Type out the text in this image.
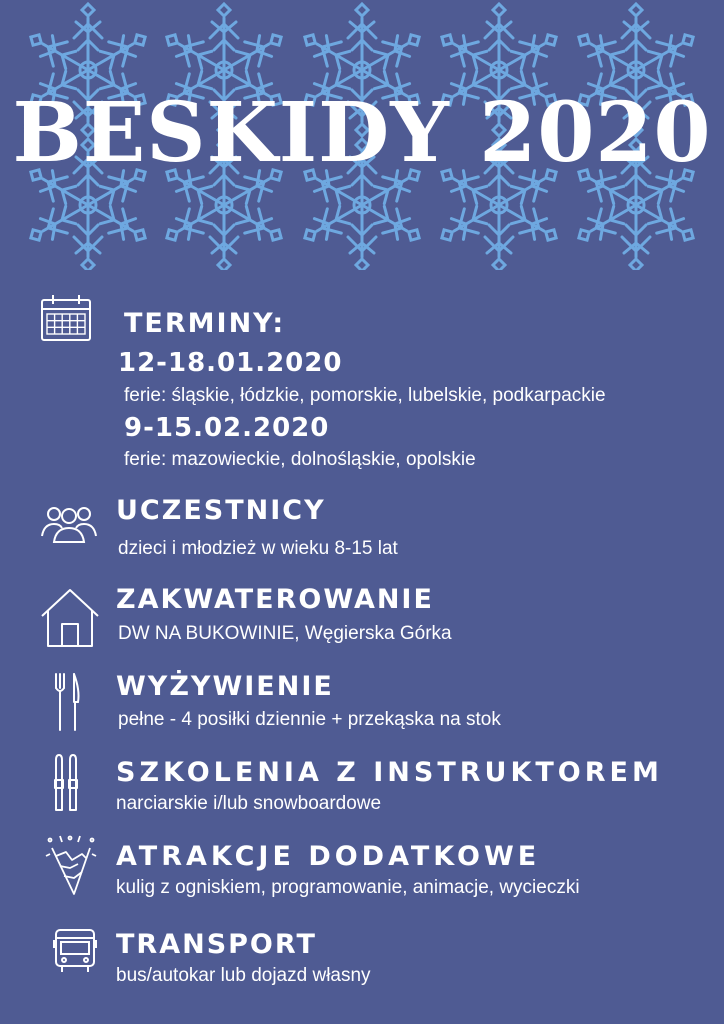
BESKIDY 2020
TERMINY:
12-18.01.2020
ferie: śląskie, łódzkie, pomorskie, lubelskie, podkarpackie
9-15.02.2020
ferie: mazowieckie, dolnośląskie, opolskie
UCZESTNICY
dzieci i młodzież w wieku 8-15 lat
ZAKWATEROWANIE
DW NA BUKOWINIE, Węgierska Górka
WYŻYWIENIE
pełne - 4 posiłki dziennie + przekąska na stok
SZKOLENIA Z INSTRUKTOREM
narciarskie i/lub snowboardowe
ATRAKCJE DODATKOWE
kulig z ogniskiem, programowanie, animacje, wycieczki
TRANSPORT
bus/autokar lub dojazd własny
